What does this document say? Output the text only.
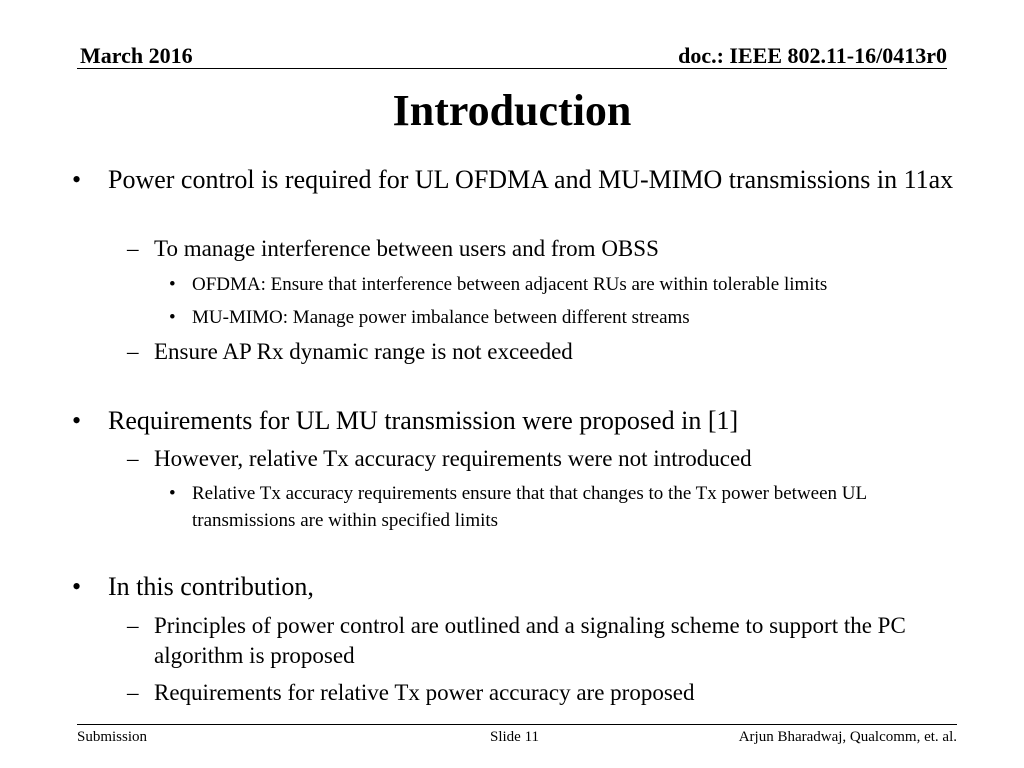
March 2016	doc.: IEEE 802.11-16/0413r0
Introduction
• Power control is required for UL OFDMA and MU-MIMO transmissions in 11ax

– To manage interference between users and from OBSS

• OFDMA: Ensure that interference between adjacent RUs are within tolerable limits

• MU-MIMO: Manage power imbalance between different streams

– Ensure AP Rx dynamic range is not exceeded

• Requirements for UL MU transmission were proposed in [1]

– However, relative Tx accuracy requirements were not introduced

• Relative Tx accuracy requirements ensure that that changes to the Tx power between UL transmissions are within specified limits

• In this contribution,

– Principles of power control are outlined and a signaling scheme to support the PC algorithm is proposed

– Requirements for relative Tx power accuracy are proposed

Submission	Slide 11	Arjun Bharadwaj, Qualcomm, et. al.
